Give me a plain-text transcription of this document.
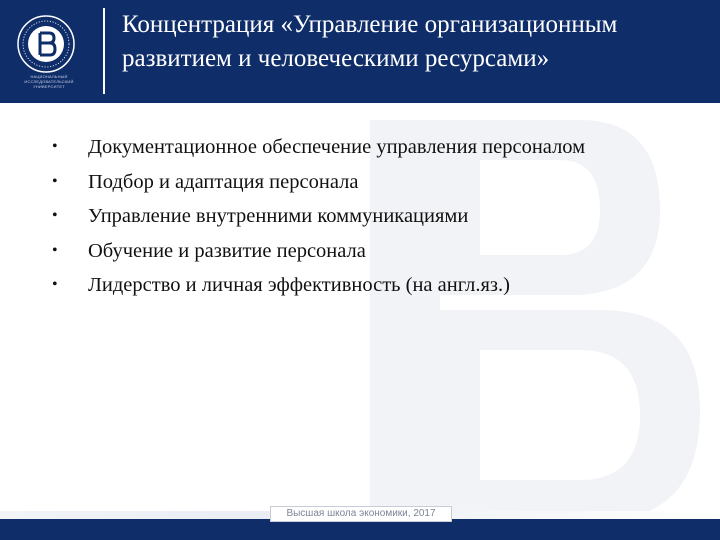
НАЦИОНАЛЬНЫЙ ИССЛЕДОВАТЕЛЬСКИЙ УНИВЕРСИТЕТ
Концентрация «Управление организационным развитием и человеческими ресурсами»
• Документационное обеспечение управления персоналом
• Подбор и адаптация персонала
• Управление внутренними коммуникациями
• Обучение и развитие персонала
• Лидерство и личная эффективность (на англ.яз.)
Высшая школа экономики, 2017
